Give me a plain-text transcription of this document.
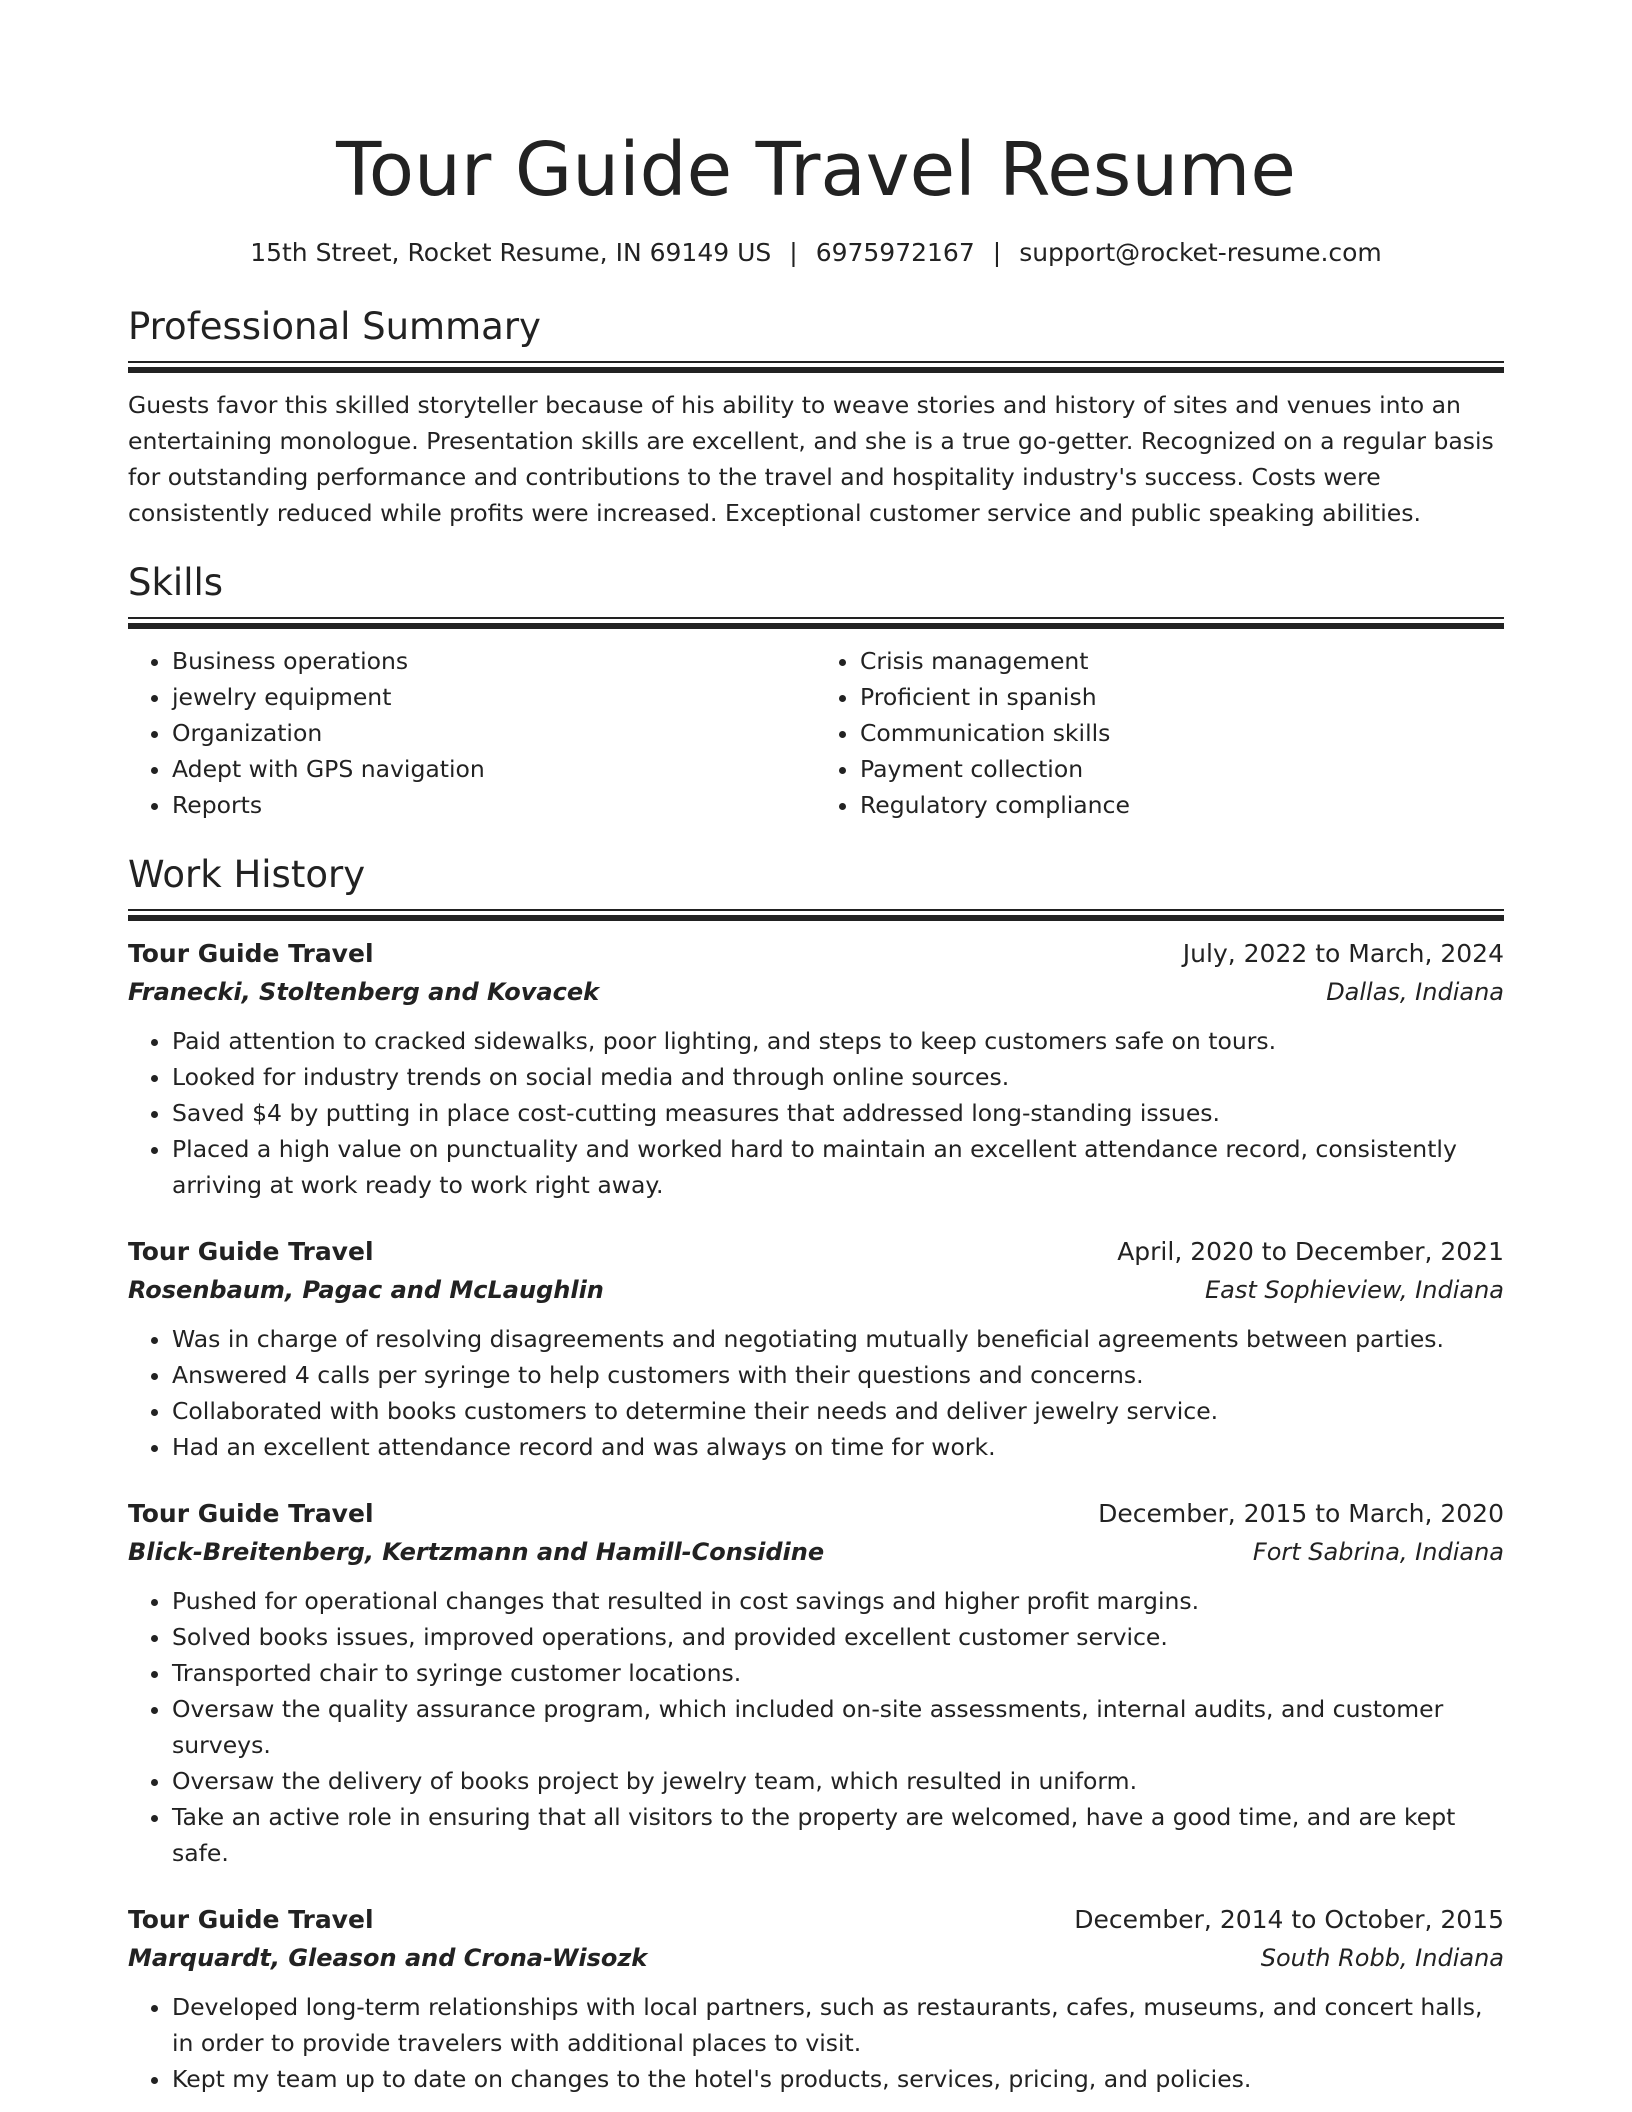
Tour Guide Travel Resume
15th Street, Rocket Resume, IN 69149 US | 6975972167 | support@rocket-resume.com
Professional Summary

Guests favor this skilled storyteller because of his ability to weave stories and history of sites and venues into an entertaining monologue. Presentation skills are excellent, and she is a true go-getter. Recognized on a regular basis for outstanding performance and contributions to the travel and hospitality industry's success. Costs were consistently reduced while profits were increased. Exceptional customer service and public speaking abilities.

Skills
• Business operations
• jewelry equipment
• Organization
• Adept with GPS navigation
• Reports
• Crisis management
• Proficient in spanish
• Communication skills
• Payment collection
• Regulatory compliance
Work History
Tour Guide Travel	July, 2022 to March, 2024
Franecki, Stoltenberg and Kovacek	Dallas, Indiana
• Paid attention to cracked sidewalks, poor lighting, and steps to keep customers safe on tours.
• Looked for industry trends on social media and through online sources.
• Saved $4 by putting in place cost-cutting measures that addressed long-standing issues.
• Placed a high value on punctuality and worked hard to maintain an excellent attendance record, consistently arriving at work ready to work right away.
Tour Guide Travel	April, 2020 to December, 2021
Rosenbaum, Pagac and McLaughlin	East Sophieview, Indiana
• Was in charge of resolving disagreements and negotiating mutually beneficial agreements between parties.
• Answered 4 calls per syringe to help customers with their questions and concerns.
• Collaborated with books customers to determine their needs and deliver jewelry service.
• Had an excellent attendance record and was always on time for work.
Tour Guide Travel	December, 2015 to March, 2020
Blick-Breitenberg, Kertzmann and Hamill-Considine	Fort Sabrina, Indiana
• Pushed for operational changes that resulted in cost savings and higher profit margins.
• Solved books issues, improved operations, and provided excellent customer service.
• Transported chair to syringe customer locations.
• Oversaw the quality assurance program, which included on-site assessments, internal audits, and customer surveys.
• Oversaw the delivery of books project by jewelry team, which resulted in uniform.
• Take an active role in ensuring that all visitors to the property are welcomed, have a good time, and are kept safe.
Tour Guide Travel	December, 2014 to October, 2015
Marquardt, Gleason and Crona-Wisozk	South Robb, Indiana
• Developed long-term relationships with local partners, such as restaurants, cafes, museums, and concert halls, in order to provide travelers with additional places to visit.
• Kept my team up to date on changes to the hotel's products, services, pricing, and policies.
